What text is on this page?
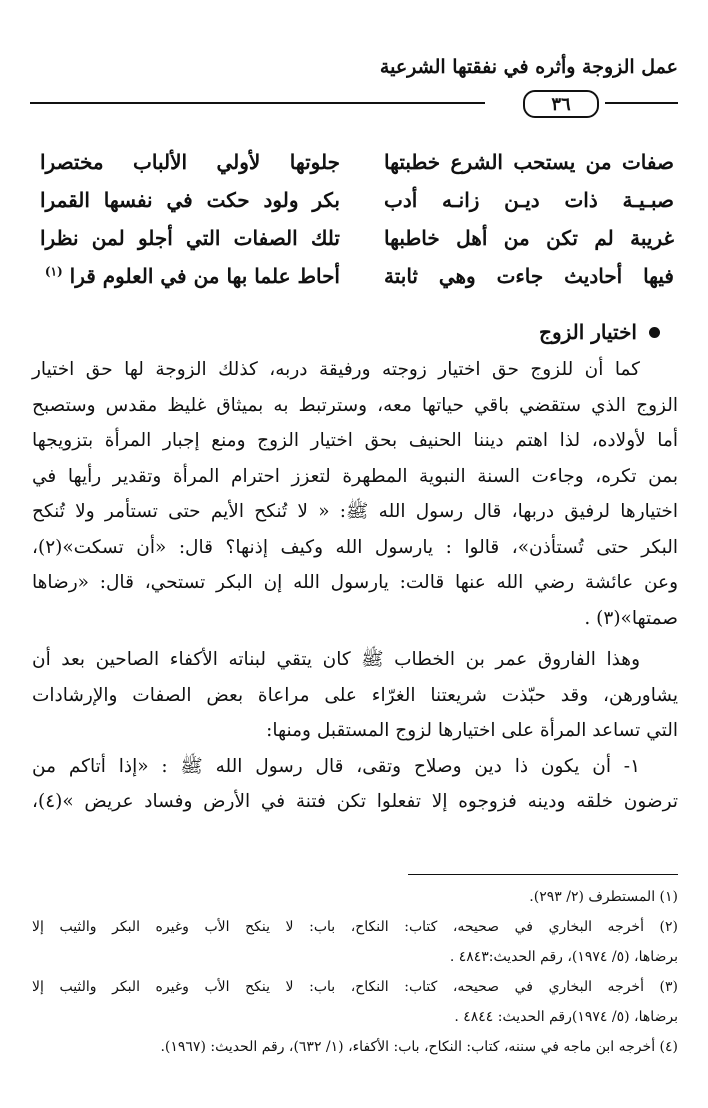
٣٦
عمل الزوجة وأثره في نفقتها الشرعية
صفات من يستحب الشرع خطبتها
جلوتها لأولي الألباب مختصرا
صبـيـة ذات ديـن زانـه أدب
بكر ولود حكت في نفسها القمرا
غريبة لم تكن من أهل خاطبها
تلك الصفات التي أجلو لمن نظرا
فيها أحاديث جاءت وهي ثابتة
أحاط علما بها من في العلوم قرا $^{(١)}$
اختيار الزوج
كما أن للزوج حق اختيار زوجته ورفيقة دربه، كذلك الزوجة لها حق اختيار
الزوج الذي ستقضي باقي حياتها معه، وسترتبط به بميثاق غليظ مقدس وستصبح
أما لأولاده، لذا اهتم ديننا الحنيف بحق اختيار الزوج ومنع إجبار المرأة بتزويجها
بمن تكره، وجاءت السنة النبوية المطهرة لتعزز احترام المرأة وتقدير رأيها في
اختيارها لرفيق دربها، قال رسول الله ﷺ: « لا تُنكح الأيم حتى تستأمر ولا تُنكح
البكر حتى تُستأذن»، قالوا : يارسول الله وكيف إذنها؟ قال: «أن تسكت»(٢)،
وعن عائشة رضي الله عنها قالت: يارسول الله إن البكر تستحي، قال: «رضاها
صمتها»(٣) .
وهذا الفاروق عمر بن الخطاب ﷺ كان يتقي لبناته الأكفاء الصاحين بعد أن
يشاورهن، وقد حبّذت شريعتنا الغرّاء على مراعاة بعض الصفات والإرشادات
التي تساعد المرأة على اختيارها لزوج المستقبل ومنها:
١- أن يكون ذا دين وصلاح وتقى، قال رسول الله ﷺ : «إذا أتاكم من
ترضون خلقه ودينه فزوجوه إلا تفعلوا تكن فتنة في الأرض وفساد عريض »(٤)،
(١) المستطرف (٢/ ٢٩٣).
(٢) أخرجه البخاري في صحيحه، كتاب: النكاح، باب: لا ينكح الأب وغيره البكر والثيب إلا
برضاها، (٥/ ١٩٧٤)، رقم الحديث:٤٨٤٣ .
(٣) أخرجه البخاري في صحيحه، كتاب: النكاح، باب: لا ينكح الأب وغيره البكر والثيب إلا
برضاها، (٥/ ١٩٧٤)رقم الحديث: ٤٨٤٤ .
(٤) أخرجه ابن ماجه في سننه، كتاب: النكاح، باب: الأكفاء، (١/ ٦٣٢)، رقم الحديث: (١٩٦٧).
